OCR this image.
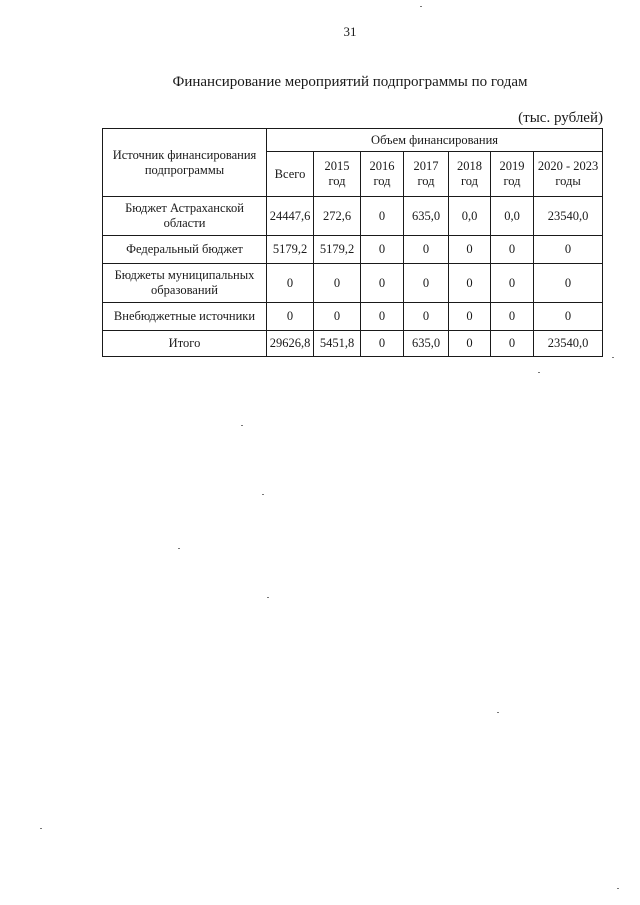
31
Финансирование мероприятий подпрограммы по годам
(тыс. рублей)
Источник финансирования подпрограммы	Объем финансирования						
	Всего	2015 год	2016 год	2017 год	2018 год	2019 год	2020 - 2023 годы
Бюджет Астраханской области	24447,6	272,6	0	635,0	0,0	0,0	23540,0
Федеральный бюджет	5179,2	5179,2	0	0	0	0	0
Бюджеты муниципальных образований	0	0	0	0	0	0	0
Внебюджетные источники	0	0	0	0	0	0	0
Итого	29626,8	5451,8	0	635,0	0	0	23540,0
